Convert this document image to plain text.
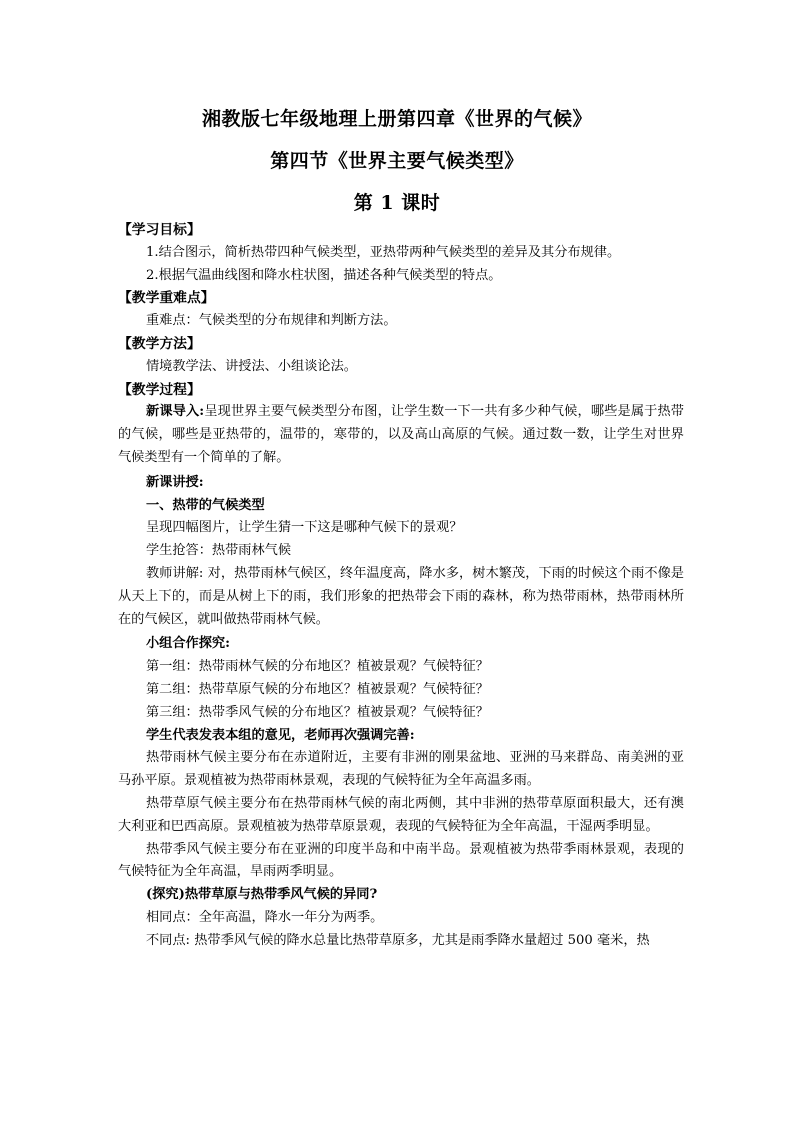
湘教版七年级地理上册第四章《世界的气候》
第四节《世界主要气候类型》
第 1 课时

【学习目标】

1.结合图示，简析热带四种气候类型，亚热带两种气候类型的差异及其分布规律。

2.根据气温曲线图和降水柱状图，描述各种气候类型的特点。

【教学重难点】

重难点：气候类型的分布规律和判断方法。

【教学方法】

情境教学法、讲授法、小组谈论法。

【教学过程】

新课导入:呈现世界主要气候类型分布图，让学生数一下一共有多少种气候，哪些是属于热带的气候，哪些是亚热带的，温带的，寒带的，以及高山高原的气候。通过数一数，让学生对世界气候类型有一个简单的了解。

新课讲授:

一、热带的气候类型

呈现四幅图片，让学生猜一下这是哪种气候下的景观？

学生抢答：热带雨林气候

教师讲解: 对，热带雨林气候区，终年温度高，降水多，树木繁茂，下雨的时候这个雨不像是从天上下的，而是从树上下的雨，我们形象的把热带会下雨的森林，称为热带雨林，热带雨林所在的气候区，就叫做热带雨林气候。

小组合作探究:

第一组：热带雨林气候的分布地区？植被景观？气候特征？

第二组：热带草原气候的分布地区？植被景观？气候特征？

第三组：热带季风气候的分布地区？植被景观？气候特征？

学生代表发表本组的意见，老师再次强调完善:

热带雨林气候主要分布在赤道附近，主要有非洲的刚果盆地、亚洲的马来群岛、南美洲的亚马孙平原。景观植被为热带雨林景观，表现的气候特征为全年高温多雨。

热带草原气候主要分布在热带雨林气候的南北两侧，其中非洲的热带草原面积最大，还有澳大利亚和巴西高原。景观植被为热带草原景观，表现的气候特征为全年高温，干湿两季明显。

热带季风气候主要分布在亚洲的印度半岛和中南半岛。景观植被为热带季雨林景观，表现的气候特征为全年高温，旱雨两季明显。

(探究)热带草原与热带季风气候的异同?

相同点：全年高温，降水一年分为两季。

不同点: 热带季风气候的降水总量比热带草原多，尤其是雨季降水量超过 500 毫米，热
